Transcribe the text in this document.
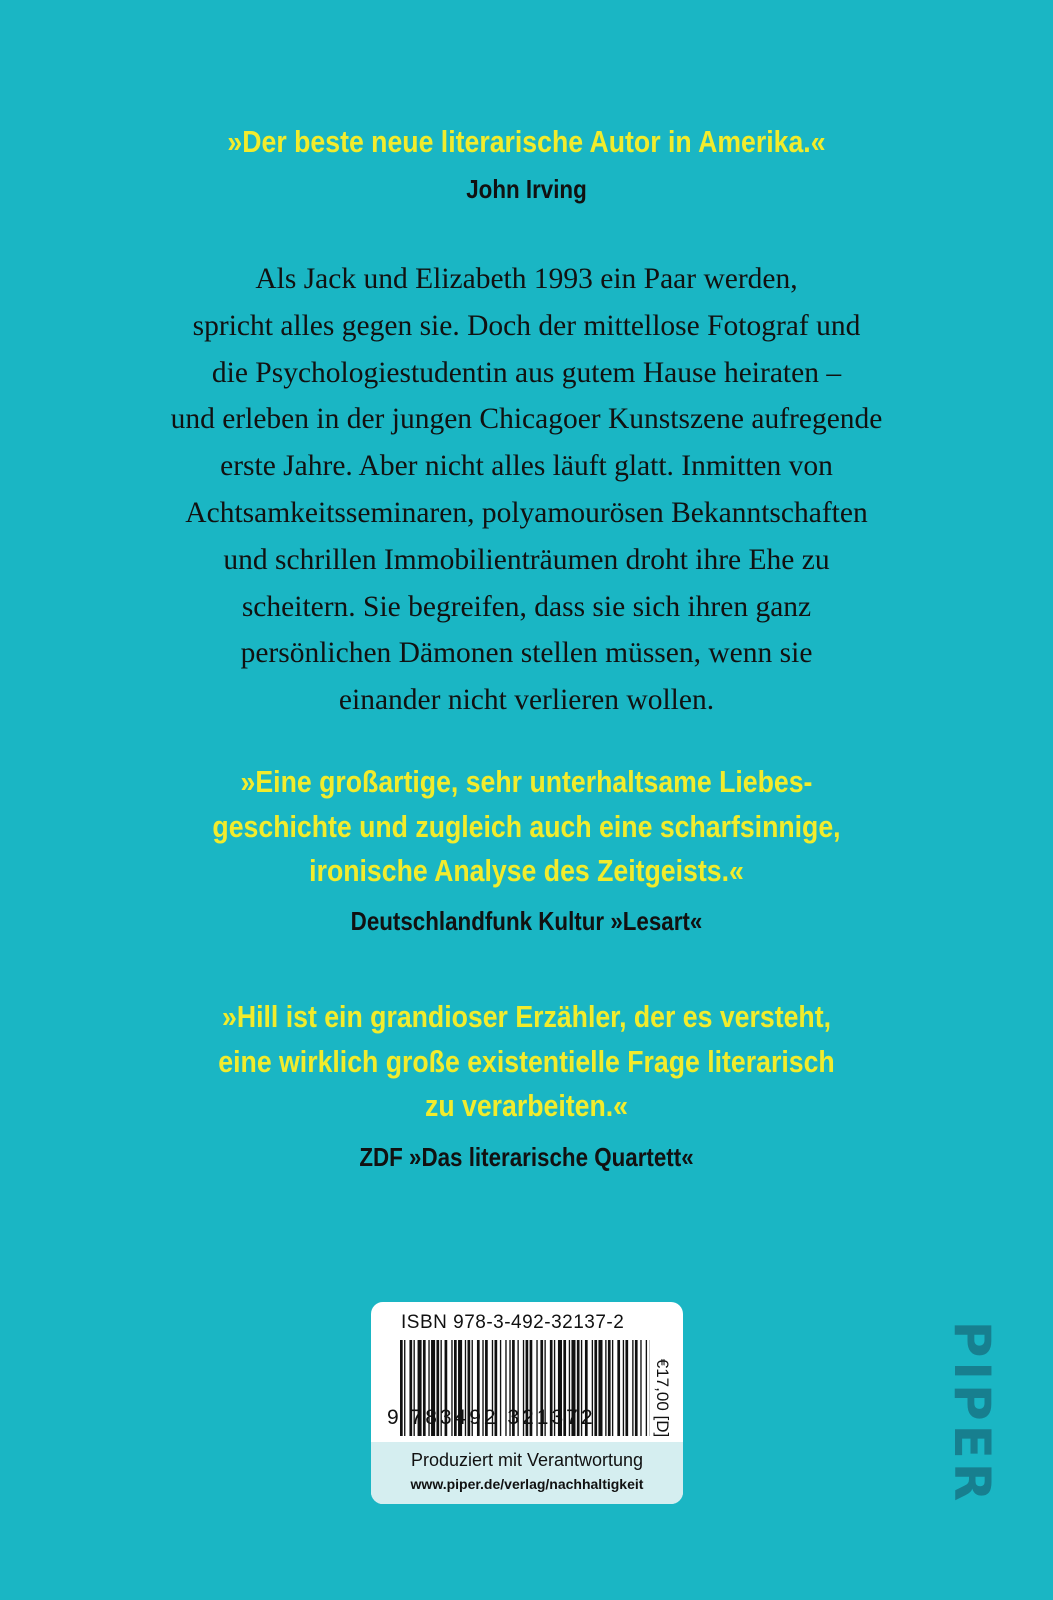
»Der beste neue literarische Autor in Amerika.«
John Irving
Als Jack und Elizabeth 1993 ein Paar werden,
spricht alles gegen sie. Doch der mittellose Fotograf und
die Psychologiestudentin aus gutem Hause heiraten –
und erleben in der jungen Chicagoer Kunstszene aufregende
erste Jahre. Aber nicht alles läuft glatt. Inmitten von
Achtsamkeitsseminaren, polyamourösen Bekanntschaften
und schrillen Immobilienträumen droht ihre Ehe zu
scheitern. Sie begreifen, dass sie sich ihren ganz
persönlichen Dämonen stellen müssen, wenn sie
einander nicht verlieren wollen.
»Eine großartige, sehr unterhaltsame Liebes-
geschichte und zugleich auch eine scharfsinnige,
ironische Analyse des Zeitgeists.«
Deutschlandfunk Kultur »Lesart«
»Hill ist ein grandioser Erzähler, der es versteht,
eine wirklich große existentielle Frage literarisch
zu verarbeiten.«
ZDF »Das literarische Quartett«
ISBN 978-3-492-32137-2
9 783492 321372	€17,00 [D]
Produziert mit Verantwortung
www.piper.de/verlag/nachhaltigkeit	PIPER
